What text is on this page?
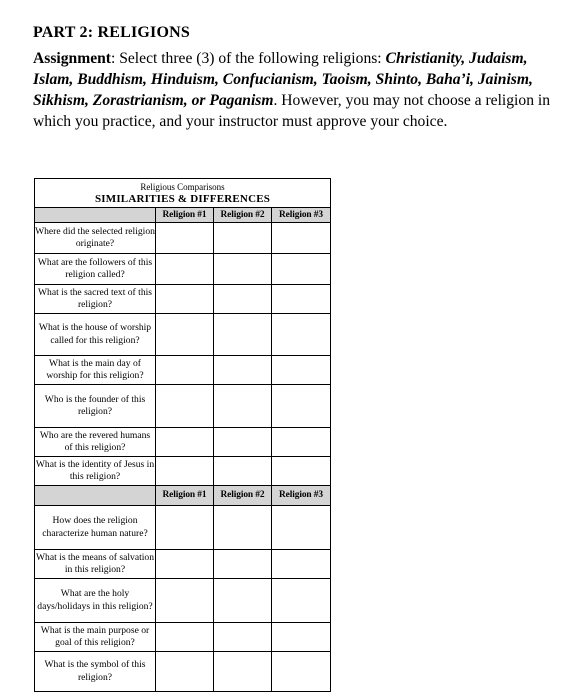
PART 2: RELIGIONS
Assignment: Select three (3) of the following religions: Christianity, Judaism, Islam, Buddhism, Hinduism, Confucianism, Taoism, Shinto, Baha’i, Jainism, Sikhism, Zorastrianism, or Paganism. However, you may not choose a religion in which you practice, and your instructor must approve your choice.
Religious Comparisons
SIMILARITIES & DIFFERENCES			

	Religion #1	Religion #2	Religion #3
Where did the selected religion originate?			
What are the followers of this religion called?			
What is the sacred text of this religion?			
What is the house of worship called for this religion?			
What is the main day of worship for this religion?			
Who is the founder of this religion?			
Who are the revered humans of this religion?			
What is the identity of Jesus in this religion?			
	Religion #1	Religion #2	Religion #3
How does the religion characterize human nature?			
What is the means of salvation in this religion?			
What are the holy days/holidays in this religion?			
What is the main purpose or goal of this religion?			
What is the symbol of this religion?			
